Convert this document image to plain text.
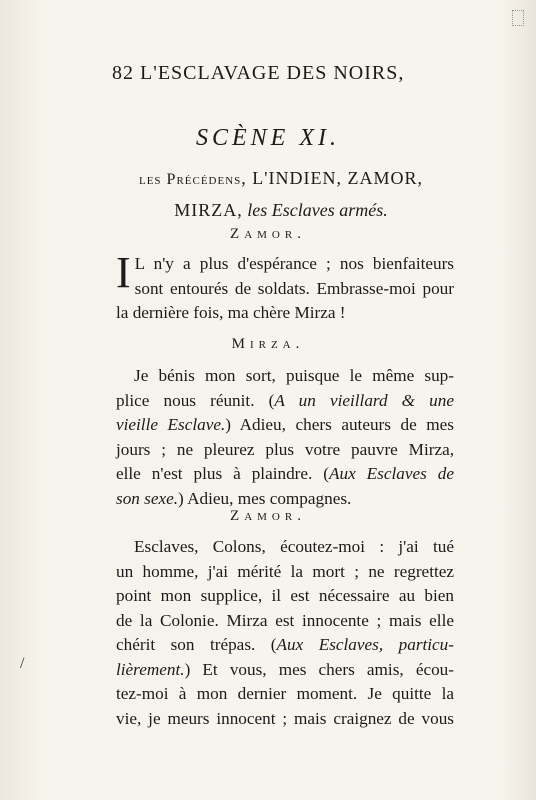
82 L'ESCLAVAGE DES NOIRS,
SCÈNE XI.
les Précédens, L'INDIEN, ZAMOR,
MIRZA, les Esclaves armés.
Zamor.
I L n'y a plus d'espérance ; nos bienfaiteurs
sont entourés de soldats. Embrasse-moi pour
la dernière fois, ma chère Mirza !
Mirza.
Je bénis mon sort, puisque le même sup-
plice nous réunit. (A un vieillard & une
vieille Esclave.) Adieu, chers auteurs de mes
jours ; ne pleurez plus votre pauvre Mirza,
elle n'est plus à plaindre. (Aux Esclaves de
son sexe.) Adieu, mes compagnes.
Zamor.
Esclaves, Colons, écoutez-moi : j'ai tué
un homme, j'ai mérité la mort ; ne regrettez
point mon supplice, il est nécessaire au bien
de la Colonie. Mirza est innocente ; mais elle
chérit son trépas. (Aux Esclaves, particu-
lièrement.) Et vous, mes chers amis, écou-
tez-moi à mon dernier moment. Je quitte la
vie, je meurs innocent ; mais craignez de vous
/
